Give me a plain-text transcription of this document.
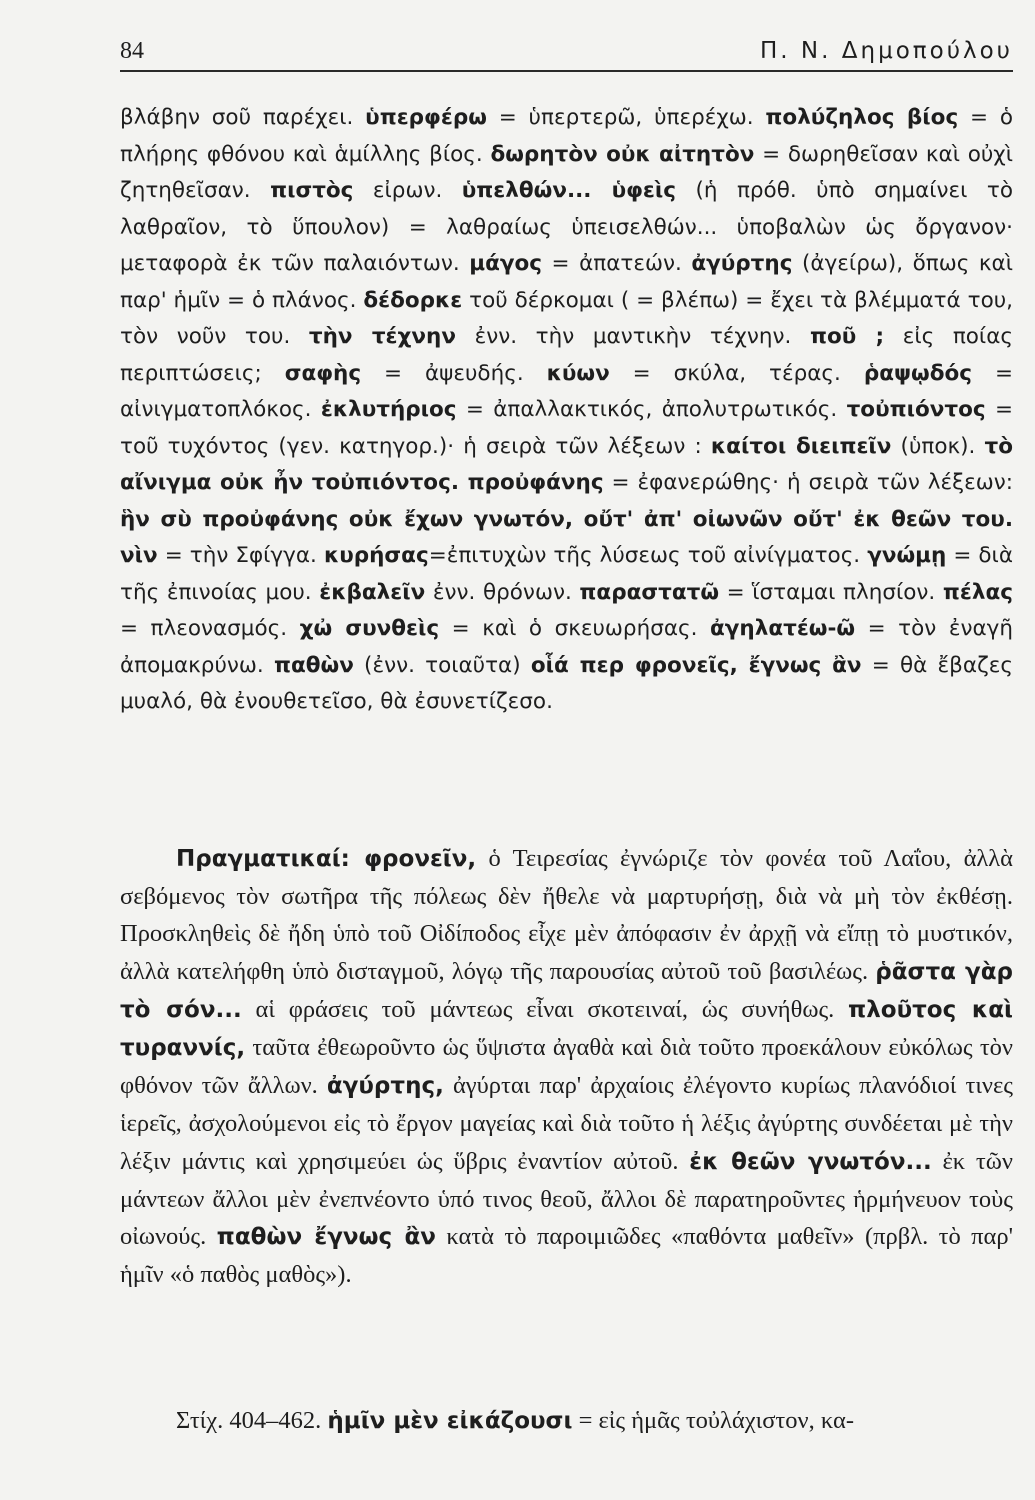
84	Π. Ν. Δημοπούλου

βλάβην σοῦ παρέχει. ὑπερφέρω = ὑπερτερῶ, ὑπερέχω. πολύζηλος βίος = ὁ πλήρης φθόνου καὶ ἁμίλλης βίος. δωρητὸν οὐκ αἰτητὸν = δωρηθεῖσαν καὶ οὐχὶ ζητηθεῖσαν. πιστὸς εἰρων. ὑπελθών... ὑφεὶς (ἡ πρόθ. ὑπὸ σημαίνει τὸ λαθραῖον, τὸ ὕπουλον) = λαθραίως ὑπεισελθών... ὑποβαλὼν ὡς ὄργανον· μεταφορὰ ἐκ τῶν παλαιόντων. μάγος = ἀπατεών. ἀγύρτης (ἀγείρω), ὅπως καὶ παρ' ἡμῖν = ὁ πλάνος. δέδορκε τοῦ δέρκομαι ( = βλέπω) = ἔχει τὰ βλέμματά του, τὸν νοῦν του. τὴν τέχνην ἐνν. τὴν μαντικὴν τέχνην. ποῦ ; εἰς ποίας περιπτώσεις; σαφὴς = ἀψευδής. κύων = σκύλα, τέρας. ῥαψῳδός = αἰνιγματοπλόκος. ἐκλυτήριος = ἀπαλλακτικός, ἀπολυτρωτικός. τοὐπιόντος = τοῦ τυχόντος (γεν. κατηγορ.)· ἡ σειρὰ τῶν λέξεων : καίτοι διειπεῖν (ὑποκ). τὸ αἴνιγμα οὐκ ἦν τοὐπιόντος. προὐφάνης = ἐφανερώθης· ἡ σειρὰ τῶν λέξεων: ἣν σὺ προὐφάνης οὐκ ἔχων γνωτόν, οὔτ' ἀπ' οἰωνῶν οὔτ' ἐκ θεῶν του. νὶν = τὴν Σφίγγα. κυρήσας=ἐπιτυχὼν τῆς λύσεως τοῦ αἰνίγματος. γνώμῃ = διὰ τῆς ἐπινοίας μου. ἐκβαλεῖν ἐνν. θρόνων. παραστατῶ = ἵσταμαι πλησίον. πέλας = πλεονασμός. χὠ συνθεὶς = καὶ ὁ σκευωρήσας. ἀγηλατέω-ῶ = τὸν ἐναγῆ ἀπομακρύνω. παθὼν (ἐνν. τοιαῦτα) οἷά περ φρονεῖς, ἔγνως ἂν = θὰ ἔβαζες μυαλό, θὰ ἐνουθετεῖσο, θὰ ἐσυνετίζεσο.

Πραγματικαί: φρονεῖν, ὁ Τειρεσίας ἐγνώριζε τὸν φονέα τοῦ Λαΐου, ἀλλὰ σεβόμενος τὸν σωτῆρα τῆς πόλεως δὲν ἤθελε νὰ μαρτυρήσῃ, διὰ νὰ μὴ τὸν ἐκθέσῃ. Προσκληθεὶς δὲ ἤδη ὑπὸ τοῦ Οἰδίποδος εἶχε μὲν ἀπόφασιν ἐν ἀρχῇ νὰ εἴπῃ τὸ μυστικόν, ἀλλὰ κατελήφθη ὑπὸ δισταγμοῦ, λόγῳ τῆς παρουσίας αὐτοῦ τοῦ βασιλέως. ῥᾶστα γὰρ τὸ σόν... αἱ φράσεις τοῦ μάντεως εἶναι σκοτειναί, ὡς συνήθως. πλοῦτος καὶ τυραννίς, ταῦτα ἐθεωροῦντο ὡς ὕψιστα ἀγαθὰ καὶ διὰ τοῦτο προεκάλουν εὐκόλως τὸν φθόνον τῶν ἄλλων. ἀγύρτης, ἀγύρται παρ' ἀρχαίοις ἐλέγοντο κυρίως πλανόδιοί τινες ἱερεῖς, ἀσχολούμενοι εἰς τὸ ἔργον μαγείας καὶ διὰ τοῦτο ἡ λέξις ἀγύρτης συνδέεται μὲ τὴν λέξιν μάντις καὶ χρησιμεύει ὡς ὕβρις ἐναντίον αὐτοῦ. ἐκ θεῶν γνωτόν... ἐκ τῶν μάντεων ἄλλοι μὲν ἐνεπνέοντο ὑπό τινος θεοῦ, ἄλλοι δὲ παρατηροῦντες ἡρμήνευον τοὺς οἰωνούς. παθὼν ἔγνως ἂν κατὰ τὸ παροιμιῶδες «παθόντα μαθεῖν» (πρβλ. τὸ παρ' ἡμῖν «ὁ παθὸς μαθὸς»).

Στίχ. 404–462. ἡμῖν μὲν εἰκάζουσι = εἰς ἡμᾶς τοὐλάχιστον, κα-
